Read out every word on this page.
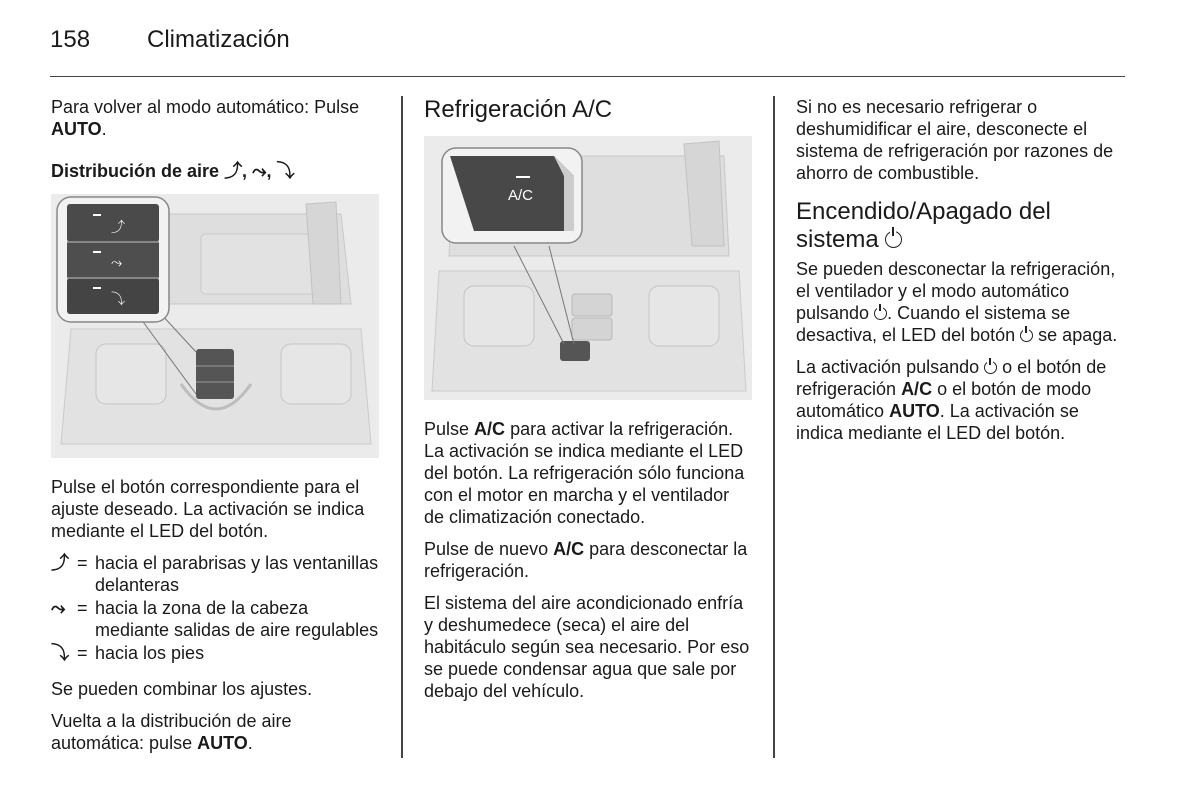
158 Climatización

Para volver al modo automático: Pulse AUTO.

Distribución de aire ⤴, ⤳, ⤵
⤴
⤳
⤵

Pulse el botón correspondiente para el ajuste deseado. La activación se indica mediante el LED del botón.

⤴ = hacia el parabrisas y las ventanillas delanteras
⤳ = hacia la zona de la cabeza mediante salidas de aire regulables
⤵ = hacia los pies

Se pueden combinar los ajustes.

Vuelta a la distribución de aire automática: pulse AUTO.

Refrigeración A/C
A/C

Pulse A/C para activar la refrigeración. La activación se indica mediante el LED del botón. La refrigeración sólo funciona con el motor en marcha y el ventilador de climatización conectado.

Pulse de nuevo A/C para desconectar la refrigeración.

El sistema del aire acondicionado enfría y deshumedece (seca) el aire del habitáculo según sea necesario. Por eso se puede condensar agua que sale por debajo del vehículo.

Si no es necesario refrigerar o deshumidificar el aire, desconecte el sistema de refrigeración por razones de ahorro de combustible.

Encendido/Apagado del sistema

Se pueden desconectar la refrigeración, el ventilador y el modo automático pulsando . Cuando el sistema se desactiva, el LED del botón se apaga.

La activación pulsando o el botón de refrigeración A/C o el botón de modo automático AUTO. La activación se indica mediante el LED del botón.
